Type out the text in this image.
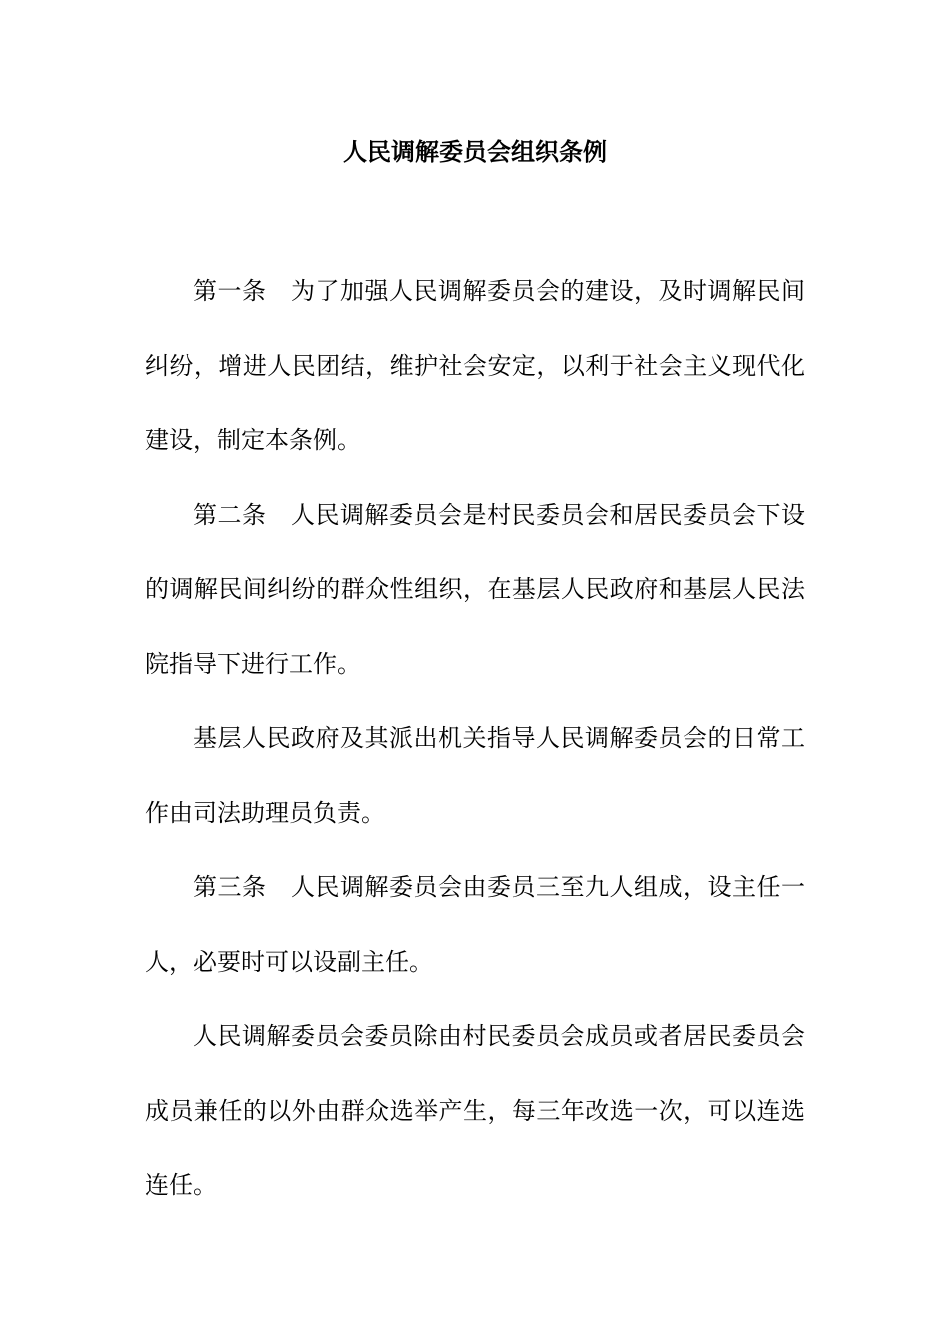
人民调解委员会组织条例

第一条 为了加强人民调解委员会的建设，及时调解民间纠纷，增进人民团结，维护社会安定，以利于社会主义现代化建设，制定本条例。

第二条 人民调解委员会是村民委员会和居民委员会下设的调解民间纠纷的群众性组织，在基层人民政府和基层人民法院指导下进行工作。

基层人民政府及其派出机关指导人民调解委员会的日常工作由司法助理员负责。

第三条 人民调解委员会由委员三至九人组成，设主任一人，必要时可以设副主任。

人民调解委员会委员除由村民委员会成员或者居民委员会成员兼任的以外由群众选举产生，每三年改选一次，可以连选连任。
